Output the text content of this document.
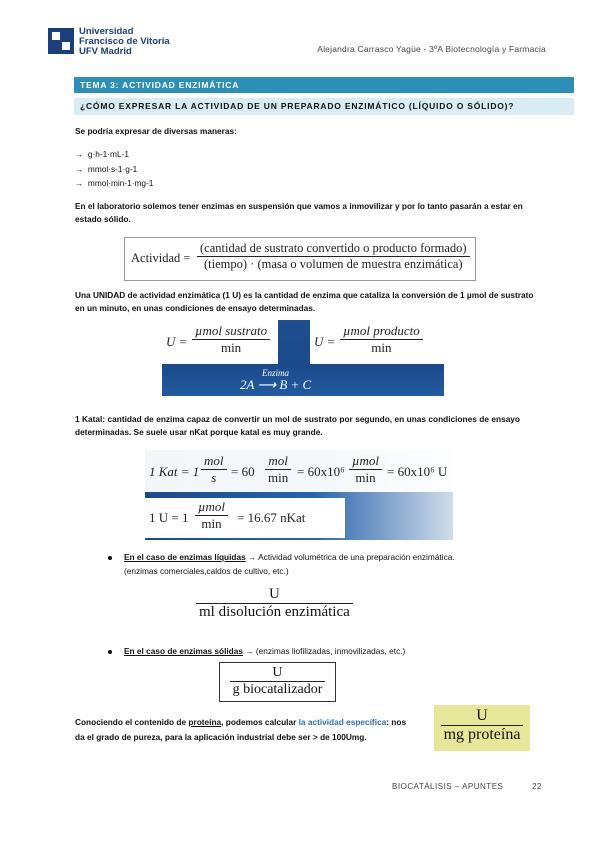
Universidad
Francisco de Vitoria
UFV Madrid	Alejandra Carrasco Yagüe - 3ºA Biotecnología y Farmacia
TEMA 3: ACTIVIDAD ENZIMÁTICA
¿CÓMO EXPRESAR LA ACTIVIDAD DE UN PREPARADO ENZIMÁTICO (LÍQUIDO O SÓLIDO)?
Se podría expresar de diversas maneras:
→ g·h-1·mL-1
→ mmol·s-1·g-1
→ mmol·min-1·mg-1
En el laboratorio solemos tener enzimas en suspensión que vamos a inmovilizar y por lo tanto pasarán a estar en estado sólido.
Actividad =
(cantidad de sustrato convertido o producto formado)
(tiempo) · (masa o volumen de muestra enzimática)
Una UNIDAD de actividad enzimática (1 U) es la cantidad de enzima que cataliza la conversión de 1 µmol de sustrato en un minuto, en unas condiciones de ensayo determinadas.
U =
µmol sustrato
min	U =
µmol producto
min
Enzima
2A ⟶ B + C
1 Katal: cantidad de enzima capaz de convertir un mol de sustrato por segundo, en unas condiciones de ensayo determinadas. Se suele usar nKat porque katal es muy grande.
1 Kat = 1
mol
s	= 60
mol
min = 60x10⁶
µmol
min = 60x10⁶ U
1 U = 1
µmol
min	= 16.67 nKat
En el caso de enzimas líquidas → Actividad volumétrica de una preparación enzimática.
(enzimas comerciales,caldos de cultivo, etc.)
$\frac{U}{\text{ml disolución enzimática}}$
En el caso de enzimas sólidas → (enzimas liofilizadas, inmovilizadas, etc.)
$\frac{U}{\text{g biocatalizador}}$
Conociendo el contenido de proteína, podemos calcular la actividad específica: nos
da el grado de pureza, para la aplicación industrial debe ser > de 100Umg.	$\frac{U}{\text{mg proteína}}$
BIOCATÁLISIS – APUNTES	22
